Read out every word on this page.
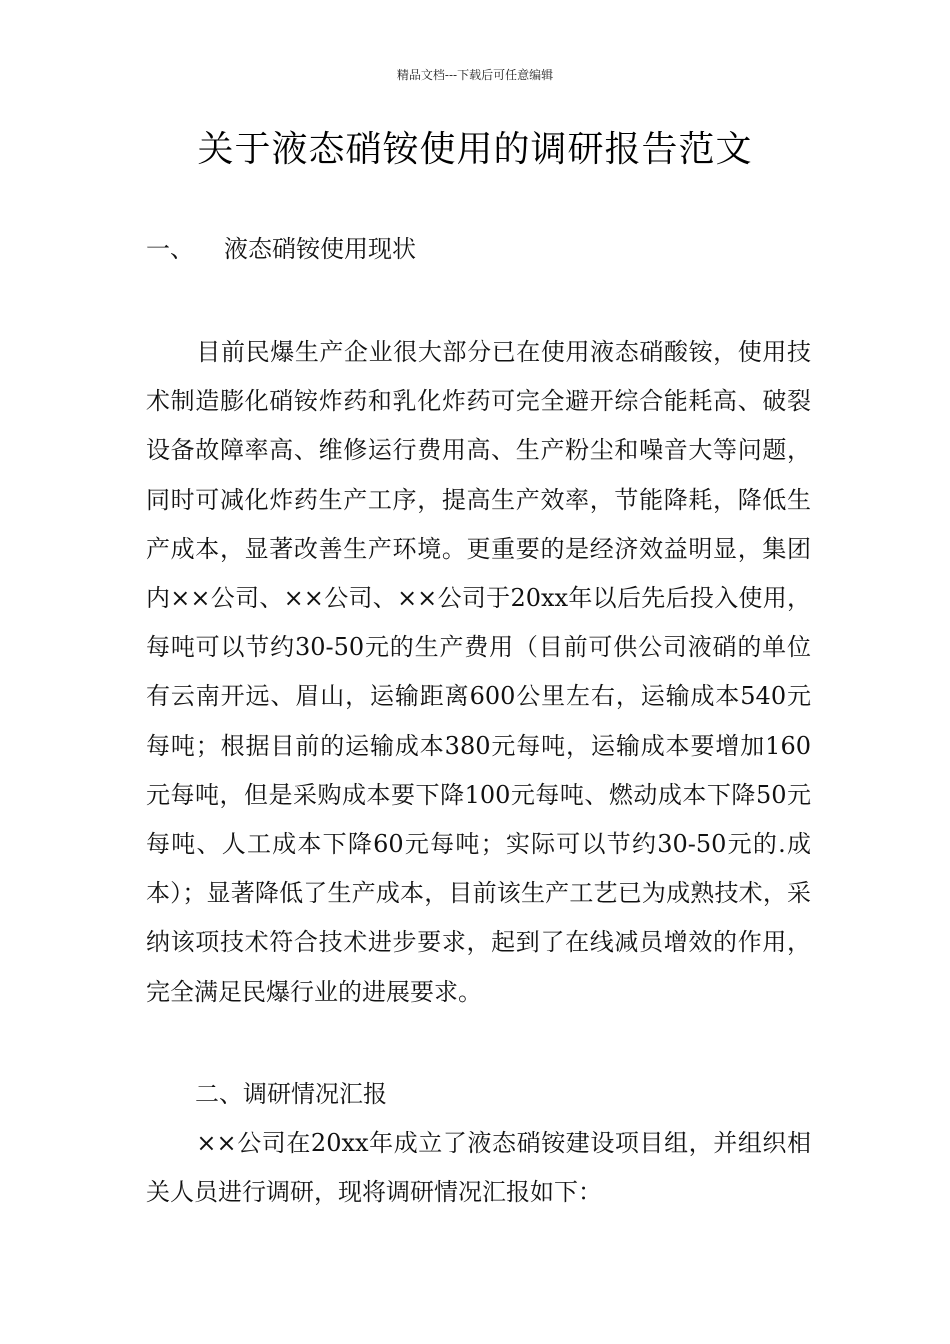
精品文档---下载后可任意编辑
关于液态硝铵使用的调研报告范文
一、 液态硝铵使用现状

目前民爆生产企业很大部分已在使用液态硝酸铵，使用技术制造膨化硝铵炸药和乳化炸药可完全避开综合能耗高、破裂设备故障率高、维修运行费用高、生产粉尘和噪音大等问题，同时可减化炸药生产工序，提高生产效率，节能降耗，降低生产成本，显著改善生产环境。更重要的是经济效益明显，集团内××公司、××公司、××公司于20xx年以后先后投入使用，每吨可以节约30-50元的生产费用（目前可供公司液硝的单位有云南开远、眉山，运输距离600公里左右，运输成本540元每吨；根据目前的运输成本380元每吨，运输成本要增加160元每吨，但是采购成本要下降100元每吨、燃动成本下降50元每吨、人工成本下降60元每吨；实际可以节约30-50元的.成本）；显著降低了生产成本，目前该生产工艺已为成熟技术，采纳该项技术符合技术进步要求，起到了在线减员增效的作用，完全满足民爆行业的进展要求。

二、调研情况汇报

××公司在20xx年成立了液态硝铵建设项目组，并组织相关人员进行调研，现将调研情况汇报如下：
